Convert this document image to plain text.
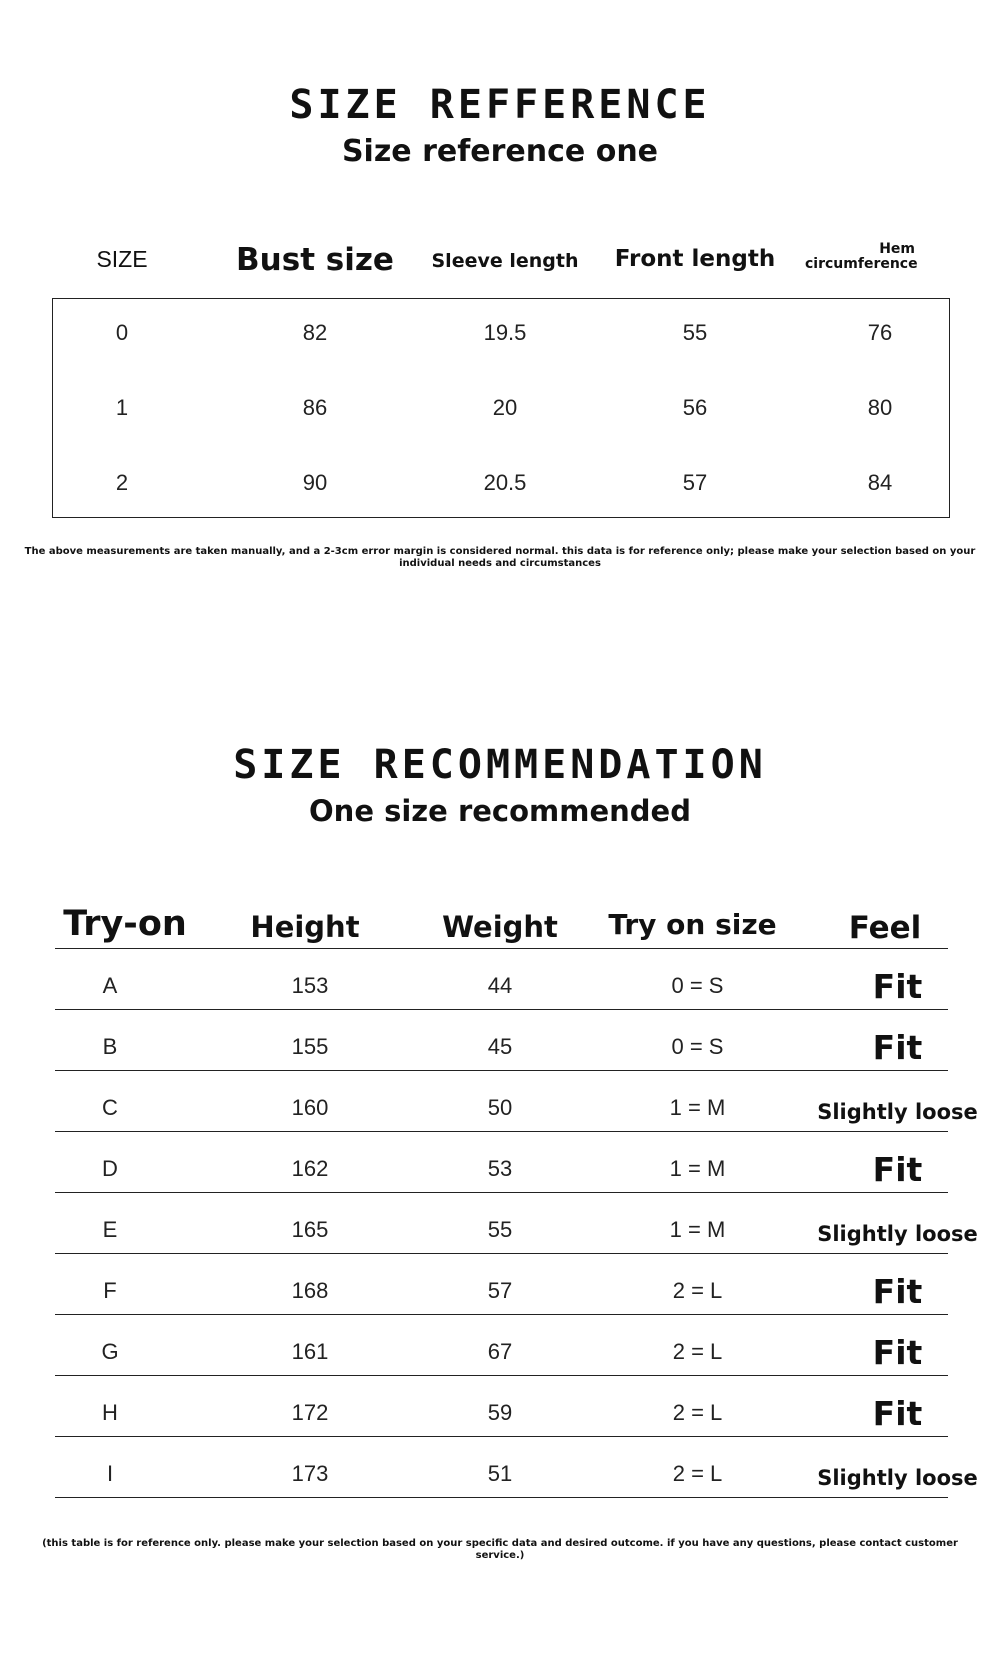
SIZE REFFERENCE
Size reference one
SIZE	Bust size	Sleeve length	Front length	Hem circumference
0	82	19.5	55	76
1	86	20	56	80
2	90	20.5	57	84
The above measurements are taken manually, and a 2-3cm error margin is considered normal. this data is for reference only; please make your selection based on your individual needs and circumstances
SIZE RECOMMENDATION
One size recommended
Try-on	Height	Weight	Try on size	Feel
A	153	44	0 = S	Fit
B	155	45	0 = S	Fit
C	160	50	1 = M	Slightly loose
D	162	53	1 = M	Fit
E	165	55	1 = M	Slightly loose
F	168	57	2 = L	Fit
G	161	67	2 = L	Fit
H	172	59	2 = L	Fit
I	173	51	2 = L	Slightly loose
(this table is for reference only. please make your selection based on your specific data and desired outcome. if you have any questions, please contact customer service.)
